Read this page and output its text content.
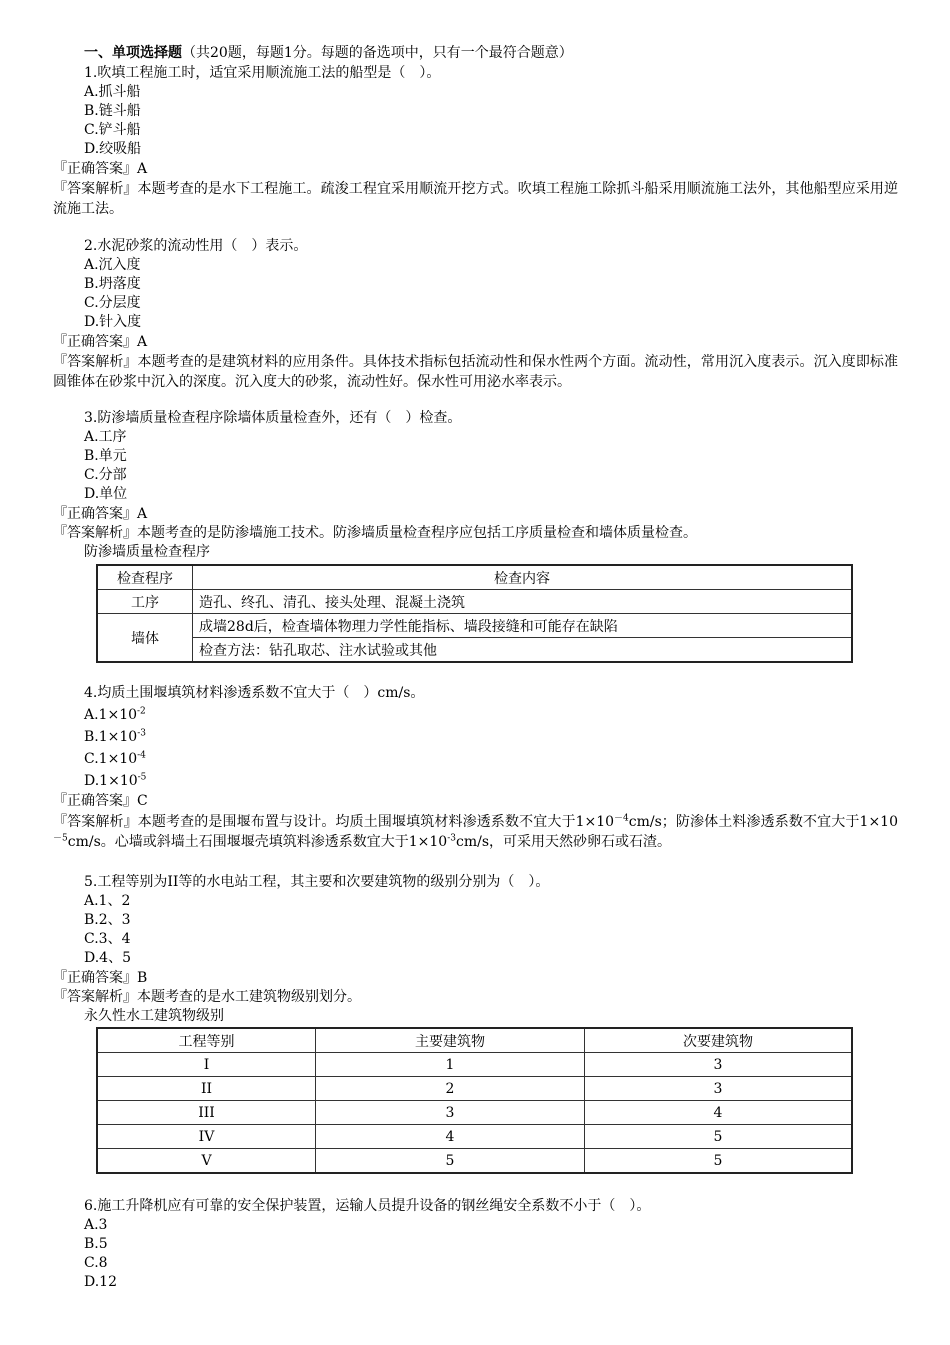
一、单项选择题（共20题，每题1分。每题的备选项中，只有一个最符合题意）
1.吹填工程施工时，适宜采用顺流施工法的船型是（　）。
A.抓斗船
B.链斗船
C.铲斗船
D.绞吸船
『正确答案』A
『答案解析』本题考查的是水下工程施工。疏浚工程宜采用顺流开挖方式。吹填工程施工除抓斗船采用顺流施工法外，其他船型应采用逆流施工法。
2.水泥砂浆的流动性用（　）表示。
A.沉入度
B.坍落度
C.分层度
D.针入度
『正确答案』A
『答案解析』本题考查的是建筑材料的应用条件。具体技术指标包括流动性和保水性两个方面。流动性，常用沉入度表示。沉入度即标准圆锥体在砂浆中沉入的深度。沉入度大的砂浆，流动性好。保水性可用泌水率表示。
3.防渗墙质量检查程序除墙体质量检查外，还有（　）检查。
A.工序
B.单元
C.分部
D.单位
『正确答案』A
『答案解析』本题考查的是防渗墙施工技术。防渗墙质量检查程序应包括工序质量检查和墙体质量检查。
防渗墙质量检查程序
检查程序	检查内容
工序	造孔、终孔、清孔、接头处理、混凝土浇筑
墙体	成墙28d后，检查墙体物理力学性能指标、墙段接缝和可能存在缺陷
	检查方法：钻孔取芯、注水试验或其他
4.均质土围堰填筑材料渗透系数不宜大于（　）cm/s。
$A.1\times 10^{-2}$
$B.1\times 10^{-3}$
$C.1\times 10^{-4}$
$D.1\times 10^{-5}$
『正确答案』C
『答案解析』本题考查的是围堰布置与设计。均质土围堰填筑材料渗透系数不宜大于$1\times 10^{-4}cm/s$；防渗体土料渗透系数不宜大于$1\times 10^{-5}cm/s$。心墙或斜墙土石围堰堰壳填筑料渗透系数宜大于$1\times 10^{-3}cm/s$，可采用天然砂卵石或石渣。
5.工程等别为II等的水电站工程，其主要和次要建筑物的级别分别为（　）。
A.1、2
B.2、3
C.3、4
D.4、5
『正确答案』B
『答案解析』本题考查的是水工建筑物级别划分。
永久性水工建筑物级别
工程等别	主要建筑物	次要建筑物
I	1	3
II	2	3
III	3	4
IV	4	5
V	5	5
6.施工升降机应有可靠的安全保护装置，运输人员提升设备的钢丝绳安全系数不小于（　）。
A.3
B.5
C.8
D.12
